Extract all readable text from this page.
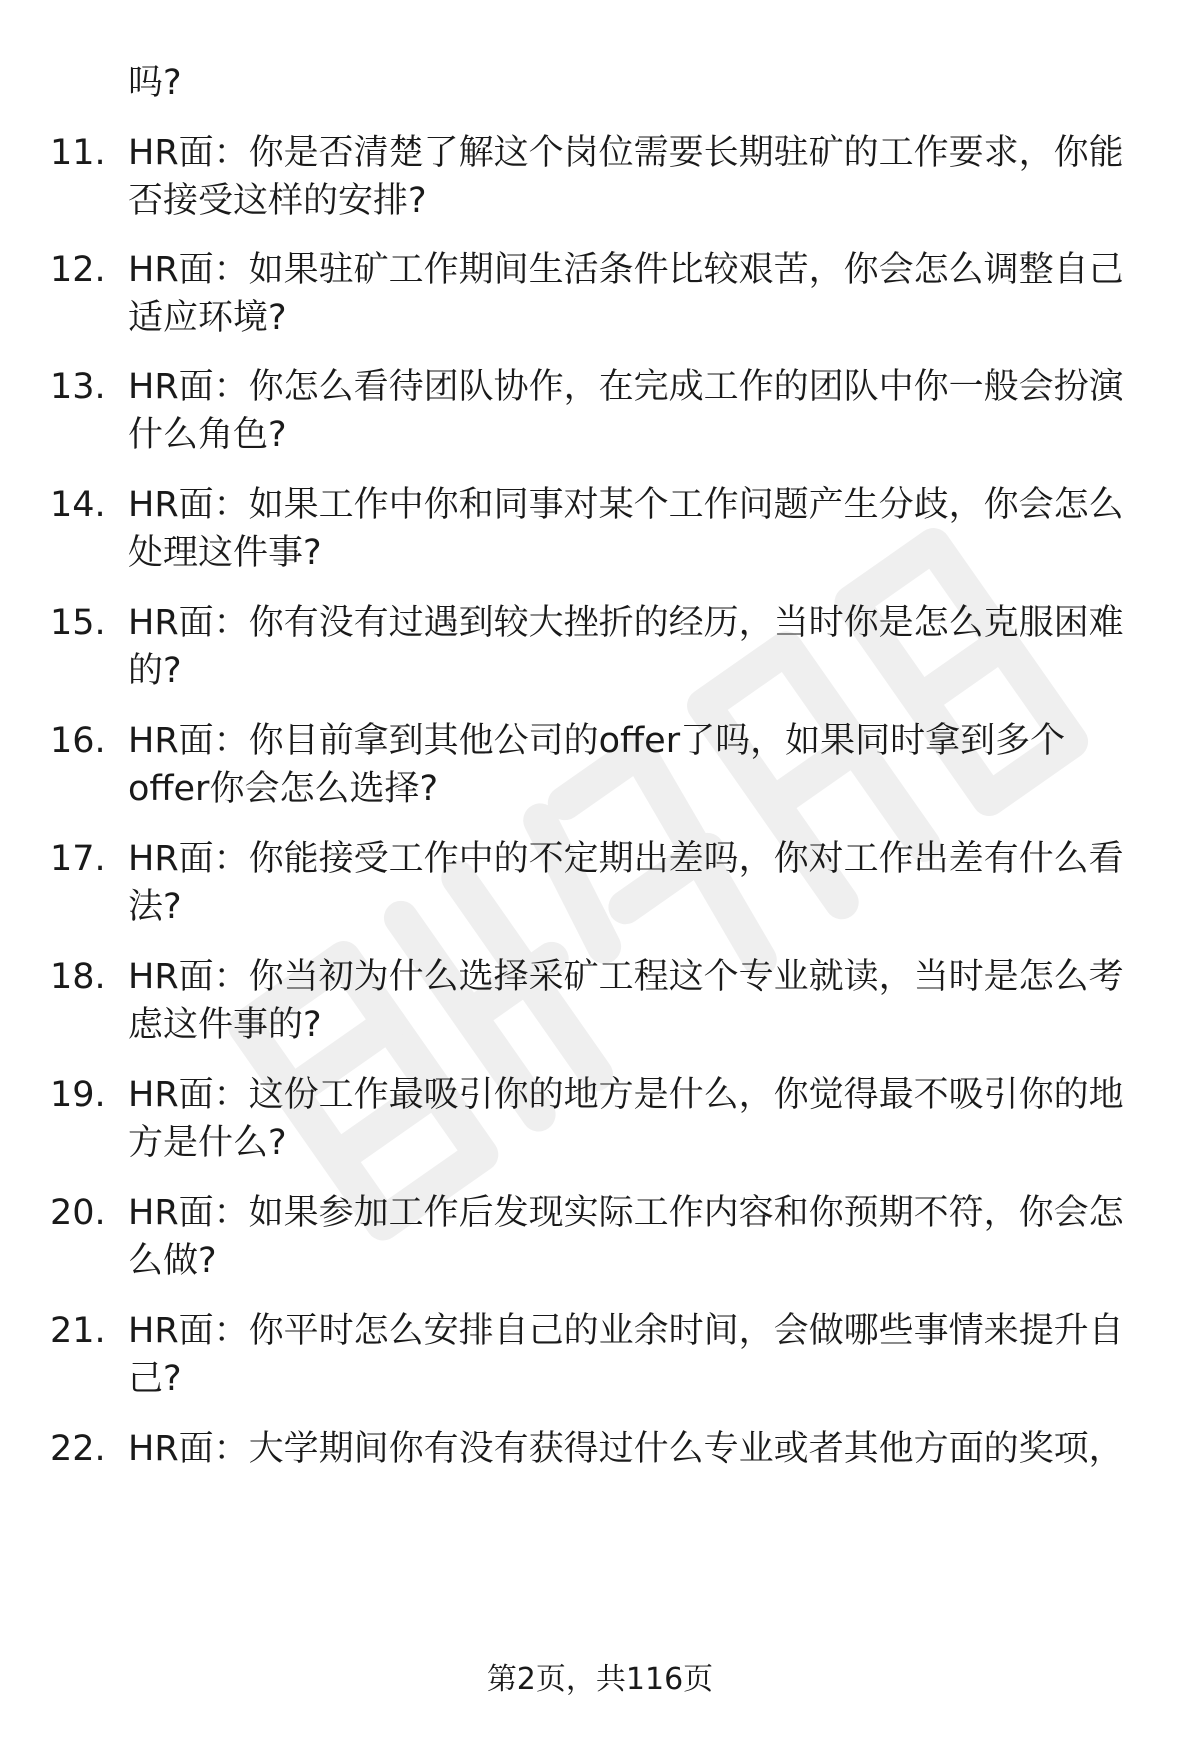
吗?
11. HR面：你是否清楚了解这个岗位需要长期驻矿的工作要求，你能
否接受这样的安排?
12. HR面：如果驻矿工作期间生活条件比较艰苦，你会怎么调整自己
适应环境?
13. HR面：你怎么看待团队协作，在完成工作的团队中你一般会扮演
什么角色?
14. HR面：如果工作中你和同事对某个工作问题产生分歧，你会怎么
处理这件事?
15. HR面：你有没有过遇到较大挫折的经历，当时你是怎么克服困难
的?
16. HR面：你目前拿到其他公司的offer了吗，如果同时拿到多个
offer你会怎么选择?
17. HR面：你能接受工作中的不定期出差吗，你对工作出差有什么看
法?
18. HR面：你当初为什么选择采矿工程这个专业就读，当时是怎么考
虑这件事的?
19. HR面：这份工作最吸引你的地方是什么，你觉得最不吸引你的地
方是什么?
20. HR面：如果参加工作后发现实际工作内容和你预期不符，你会怎
么做?
21. HR面：你平时怎么安排自己的业余时间，会做哪些事情来提升自
己?
22. HR面：大学期间你有没有获得过什么专业或者其他方面的奖项，
第2页，共116页
